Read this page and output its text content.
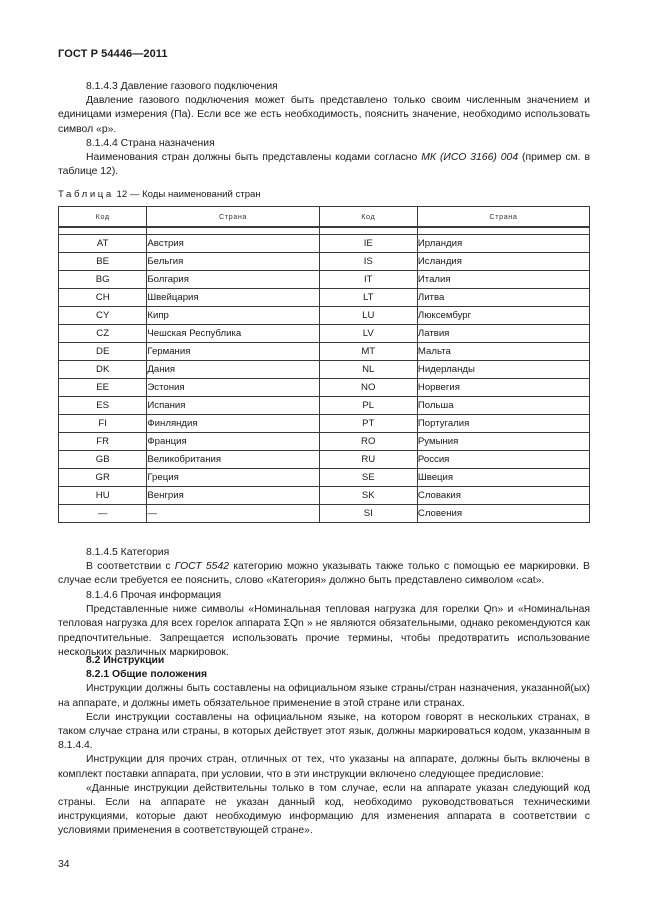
ГОСТ Р 54446—2011
8.1.4.3 Давление газового подключения
Давление газового подключения может быть представлено только своим численным значением и единицами измерения (Па). Если все же есть необходимость, пояснить значение, необходимо использовать символ «p».
8.1.4.4 Страна назначения
Наименования стран должны быть представлены кодами согласно МК (ИСО 3166) 004 (пример см. в таблице 12).
Таблица 12 — Коды наименований стран
Код	Страна	Код	Страна

AT	Австрия	IE	Ирландия
BE	Бельгия	IS	Исландия
BG	Болгария	IT	Италия
CH	Швейцария	LT	Литва
CY	Кипр	LU	Люксембург
CZ	Чешская Республика	LV	Латвия
DE	Германия	MT	Мальта
DK	Дания	NL	Нидерланды
EE	Эстония	NO	Норвегия
ES	Испания	PL	Польша
FI	Финляндия	PT	Португалия
FR	Франция	RO	Румыния
GB	Великобритания	RU	Россия
GR	Греция	SE	Швеция
HU	Венгрия	SK	Словакия
—	—	SI	Словения
8.1.4.5 Категория
В соответствии с ГОСТ 5542 категорию можно указывать также только с помощью ее маркировки. В случае если требуется ее пояснить, слово «Категория» должно быть представлено символом «cat».
8.1.4.6 Прочая информация
Представленные ниже символы «Номинальная тепловая нагрузка для горелки Qn» и «Номинальная тепловая нагрузка для всех горелок аппарата ΣQn » не являются обязательными, однако рекомендуются как предпочтительные. Запрещается использовать прочие термины, чтобы предотвратить использование нескольких различных маркировок.
8.2 Инструкции
8.2.1 Общие положения
Инструкции должны быть составлены на официальном языке страны/стран назначения, указанной(ых) на аппарате, и должны иметь обязательное применение в этой стране или странах.
Если инструкции составлены на официальном языке, на котором говорят в нескольких странах, в таком случае страна или страны, в которых действует этот язык, должны маркироваться кодом, указанным в 8.1.4.4.
Инструкции для прочих стран, отличных от тех, что указаны на аппарате, должны быть включены в комплект поставки аппарата, при условии, что в эти инструкции включено следующее предисловие:
«Данные инструкции действительны только в том случае, если на аппарате указан следующий код страны. Если на аппарате не указан данный код, необходимо руководствоваться техническими инструкциями, которые дают необходимую информацию для изменения аппарата в соответствии с условиями применения в соответствующей стране».
34
